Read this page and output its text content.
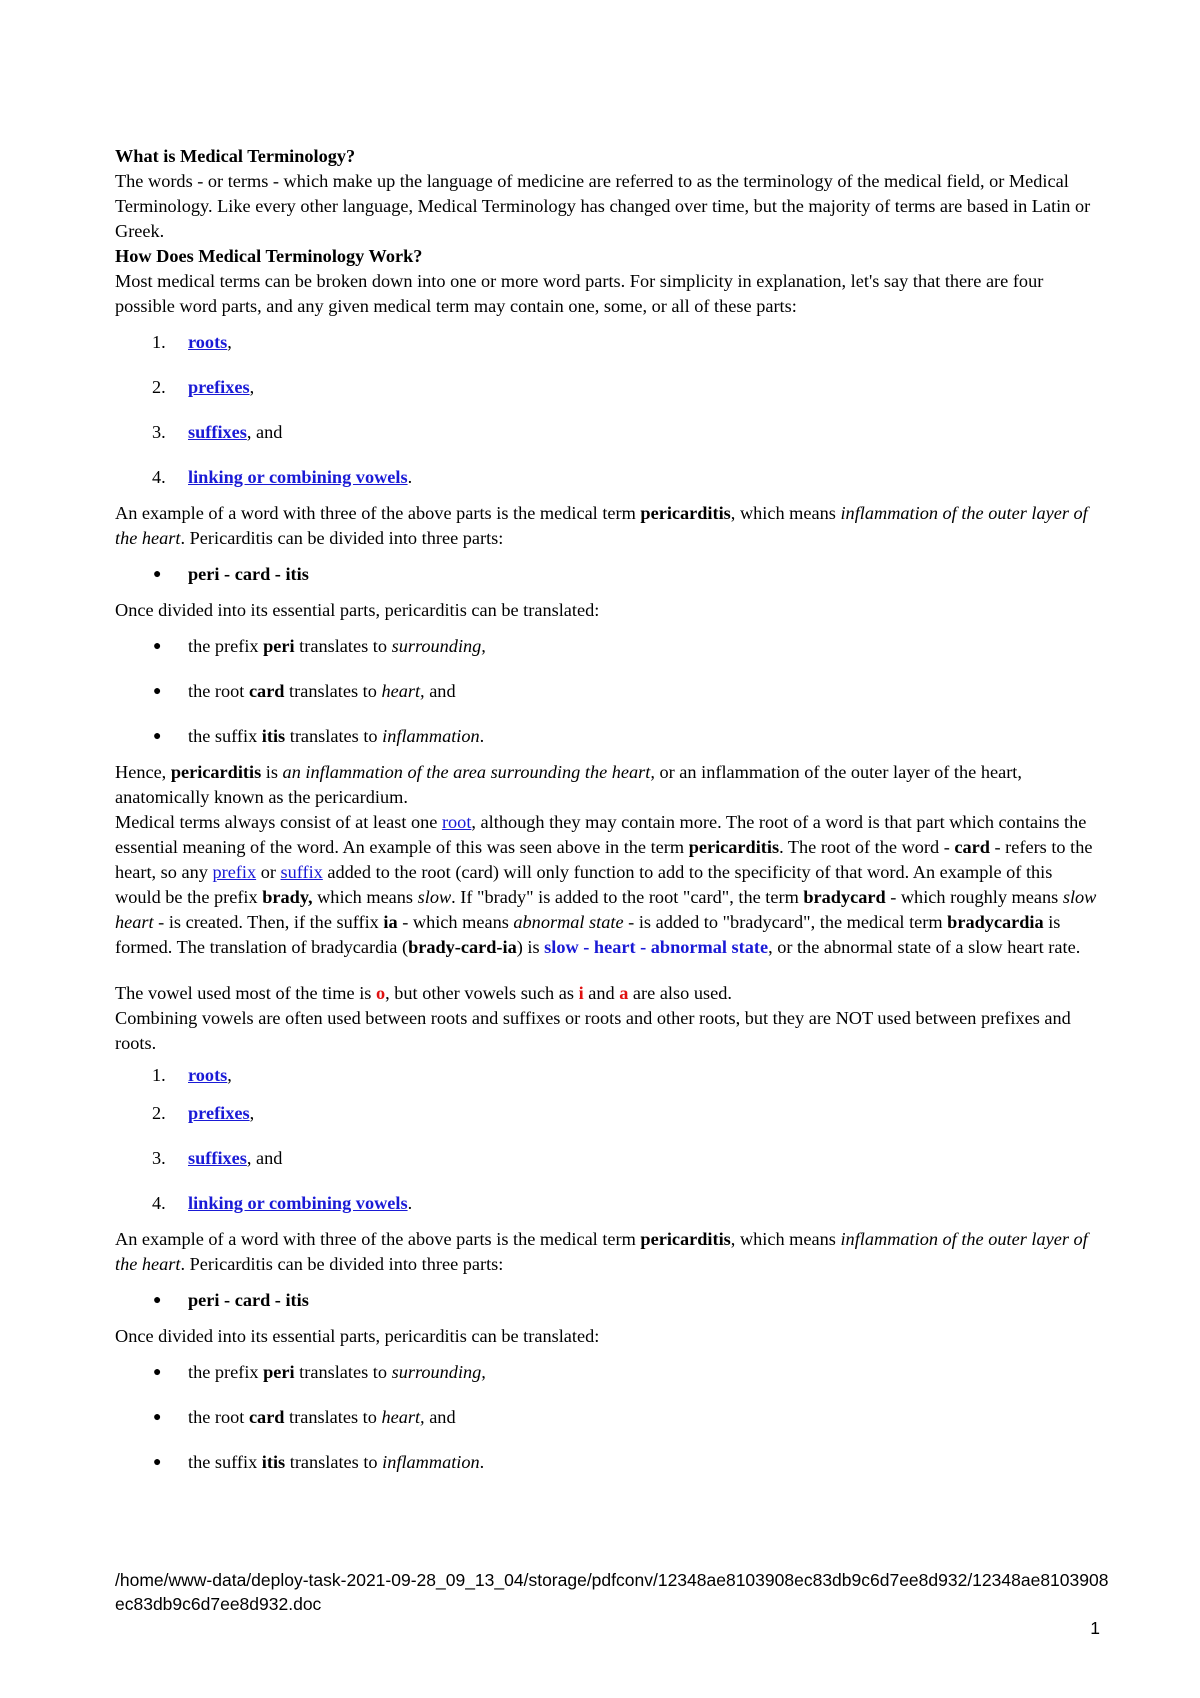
What is Medical Terminology?

The words - or terms - which make up the language of medicine are referred to as the terminology of the medical field, or Medical Terminology. Like every other language, Medical Terminology has changed over time, but the majority of terms are based in Latin or Greek.

How Does Medical Terminology Work?

Most medical terms can be broken down into one or more word parts. For simplicity in explanation, let's say that there are four possible word parts, and any given medical term may contain one, some, or all of these parts:

1. roots,
2. prefixes,
3. suffixes, and
4. linking or combining vowels.

An example of a word with three of the above parts is the medical term pericarditis, which means inflammation of the outer layer of the heart. Pericarditis can be divided into three parts:

● peri - card - itis

Once divided into its essential parts, pericarditis can be translated:

● the prefix peri translates to surrounding,
● the root card translates to heart, and
● the suffix itis translates to inflammation.

Hence, pericarditis is an inflammation of the area surrounding the heart, or an inflammation of the outer layer of the heart, anatomically known as the pericardium.

Medical terms always consist of at least one root, although they may contain more. The root of a word is that part which contains the essential meaning of the word. An example of this was seen above in the term pericarditis. The root of the word - card - refers to the heart, so any prefix or suffix added to the root (card) will only function to add to the specificity of that word. An example of this would be the prefix brady, which means slow. If "brady" is added to the root "card", the term bradycard - which roughly means slow heart - is created. Then, if the suffix ia - which means abnormal state - is added to "bradycard", the medical term bradycardia is formed. The translation of bradycardia (brady-card-ia) is slow - heart - abnormal state, or the abnormal state of a slow heart rate.

The vowel used most of the time is o, but other vowels such as i and a are also used.

Combining vowels are often used between roots and suffixes or roots and other roots, but they are NOT used between prefixes and roots.

1. roots,
2. prefixes,
3. suffixes, and
4. linking or combining vowels.

An example of a word with three of the above parts is the medical term pericarditis, which means inflammation of the outer layer of the heart. Pericarditis can be divided into three parts:

● peri - card - itis

Once divided into its essential parts, pericarditis can be translated:

● the prefix peri translates to surrounding,
● the root card translates to heart, and
● the suffix itis translates to inflammation.

/home/www-data/deploy-task-2021-09-28_09_13_04/storage/pdfconv/12348ae8103908ec83db9c6d7ee8d932/12348ae8103908ec83db9c6d7ee8d932.doc

1
